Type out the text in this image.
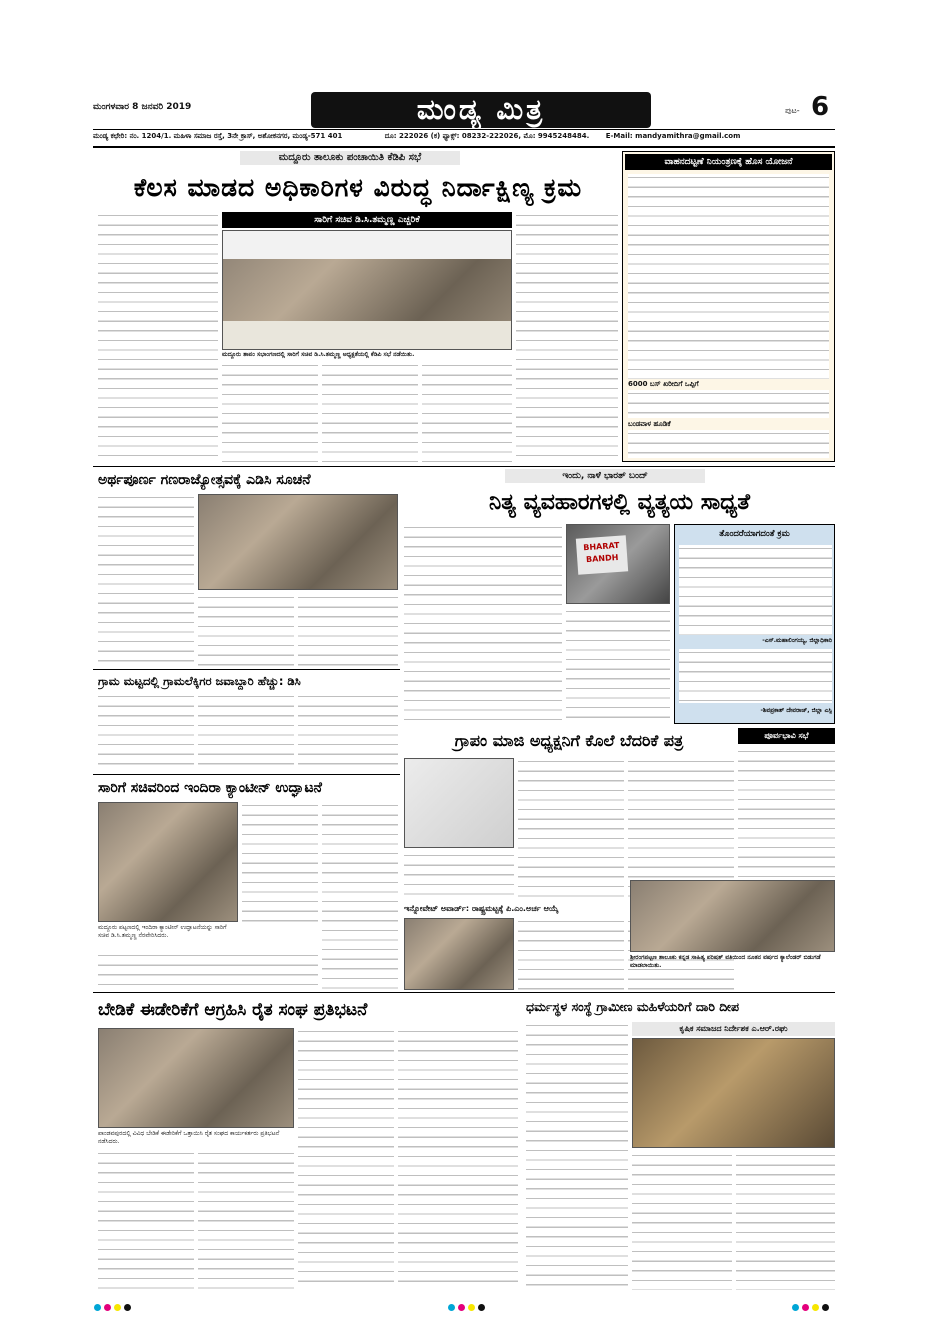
ಮಂಗಳವಾರ 8 ಜನವರಿ 2019	ಮಂಡ್ಯ ಮಿತ್ರ	ಪುಟ- 6
ಮಂಡ್ಯ ಕಛೇರಿ: ನಂ. 1204/1. ಮಹಿಳಾ ಸಮಾಜ ರಸ್ತೆ, 3ನೇ ಕ್ರಾಸ್, ಅಶೋಕನಗರ, ಮಂಡ್ಯ-571 401	ದೂ: 222026 (ಕ) ಫ್ಯಾಕ್ಸ್: 08232-222026, ಮೊ: 9945248484. E-Mail: mandyamithra@gmail.com
ಮದ್ದೂರು ತಾಲೂಕು ಪಂಚಾಯಿತಿ ಕೆಡಿಪಿ ಸಭೆ
ಕೆಲಸ ಮಾಡದ ಅಧಿಕಾರಿಗಳ ವಿರುದ್ಧ ನಿರ್ದಾಕ್ಷಿಣ್ಯ ಕ್ರಮ
ಸಾರಿಗೆ ಸಚಿವ ಡಿ.ಸಿ.ತಮ್ಮಣ್ಣ ಎಚ್ಚರಿಕೆ
ಮದ್ದೂರು ತಾಪಂ ಸಭಾಂಗಣದಲ್ಲಿ ಸಾರಿಗೆ ಸಚಿವ ಡಿ.ಸಿ.ತಮ್ಮಣ್ಣ ಅಧ್ಯಕ್ಷತೆಯಲ್ಲಿ ಕೆಡಿಪಿ ಸಭೆ ನಡೆಯಿತು.
ವಾಹನದಟ್ಟಣೆ ನಿಯಂತ್ರಣಕ್ಕೆ ಹೊಸ ಯೋಜನೆ
6000 ಬಸ್ ಖರೀದಿಗೆ ಒಪ್ಪಿಗೆ
ಬಂಡವಾಳ ಹೂಡಿಕೆ
ಅರ್ಥಪೂರ್ಣ ಗಣರಾಜ್ಯೋತ್ಸವಕ್ಕೆ ಎಡಿಸಿ ಸೂಚನೆ	ಇಂದು, ನಾಳೆ ಭಾರತ್ ಬಂದ್
ನಿತ್ಯ ವ್ಯವಹಾರಗಳಲ್ಲಿ ವ್ಯತ್ಯಯ ಸಾಧ್ಯತೆ
BHARAT
BANDH
ತೊಂದರೆಯಾಗದಂತೆ ಕ್ರಮ
-ಎಸ್.ಮಹಾಲಿಂಗಯ್ಯ, ಜಿಲ್ಲಾಧಿಕಾರಿ
-ಶಿವಪ್ರಕಾಶ್ ದೇವರಾಜ್, ಜಿಲ್ಲಾ ಎಸ್ಪಿ
ಗ್ರಾಮ ಮಟ್ಟದಲ್ಲಿ ಗ್ರಾಮಲೆಕ್ಕಿಗರ ಜವಾಬ್ದಾರಿ ಹೆಚ್ಚು: ಡಿಸಿ
ಸಾರಿಗೆ ಸಚಿವರಿಂದ ಇಂದಿರಾ ಕ್ಯಾಂಟೀನ್ ಉದ್ಘಾಟನೆ
ಮದ್ದೂರು ಪಟ್ಟಣದಲ್ಲಿ ಇಂದಿರಾ ಕ್ಯಾಂಟೀನ್ ಉದ್ಘಾಟನೆಯನ್ನು ಸಾರಿಗೆ ಸಚಿವ ಡಿ.ಸಿ.ತಮ್ಮಣ್ಣ ನೆರವೇರಿಸಿದರು.
ಗ್ರಾಪಂ ಮಾಜಿ ಅಧ್ಯಕ್ಷನಿಗೆ ಕೊಲೆ ಬೆದರಿಕೆ ಪತ್ರ
ಇನ್ನೋವೇಟ್ ಅವಾರ್ಡ್: ರಾಷ್ಟ್ರಮಟ್ಟಕ್ಕೆ ಪಿ.ಎಂ.ಅರ್ಚ ಆಯ್ಕೆ
ಪೂರ್ವಭಾವಿ ಸಭೆ
ಶ್ರೀರಂಗಪಟ್ಟಣ ತಾಲೂಕು ಕನ್ನಡ ಸಾಹಿತ್ಯ ಪರಿಷತ್ ವತಿಯಿಂದ ನೂತನ ವರ್ಷದ ಕ್ಯಾಲೆಂಡರ್ ಬಿಡುಗಡೆ ಮಾಡಲಾಯಿತು.
ಬೇಡಿಕೆ ಈಡೇರಿಕೆಗೆ ಆಗ್ರಹಿಸಿ ರೈತ ಸಂಘ ಪ್ರತಿಭಟನೆ
ಪಾಂಡವಪುರದಲ್ಲಿ ವಿವಿಧ ಬೇಡಿಕೆ ಈಡೇರಿಕೆಗೆ ಒತ್ತಾಯಿಸಿ ರೈತ ಸಂಘದ ಕಾರ್ಯಕರ್ತರು ಪ್ರತಿಭಟನೆ ನಡೆಸಿದರು.
ಧರ್ಮಸ್ಥಳ ಸಂಸ್ಥೆ ಗ್ರಾಮೀಣ ಮಹಿಳೆಯರಿಗೆ ದಾರಿ ದೀಪ
ಕೃಷಿಕ ಸಮಾಜದ ನಿರ್ದೇಶಕ ಎ.ಆರ್.ರಘು
